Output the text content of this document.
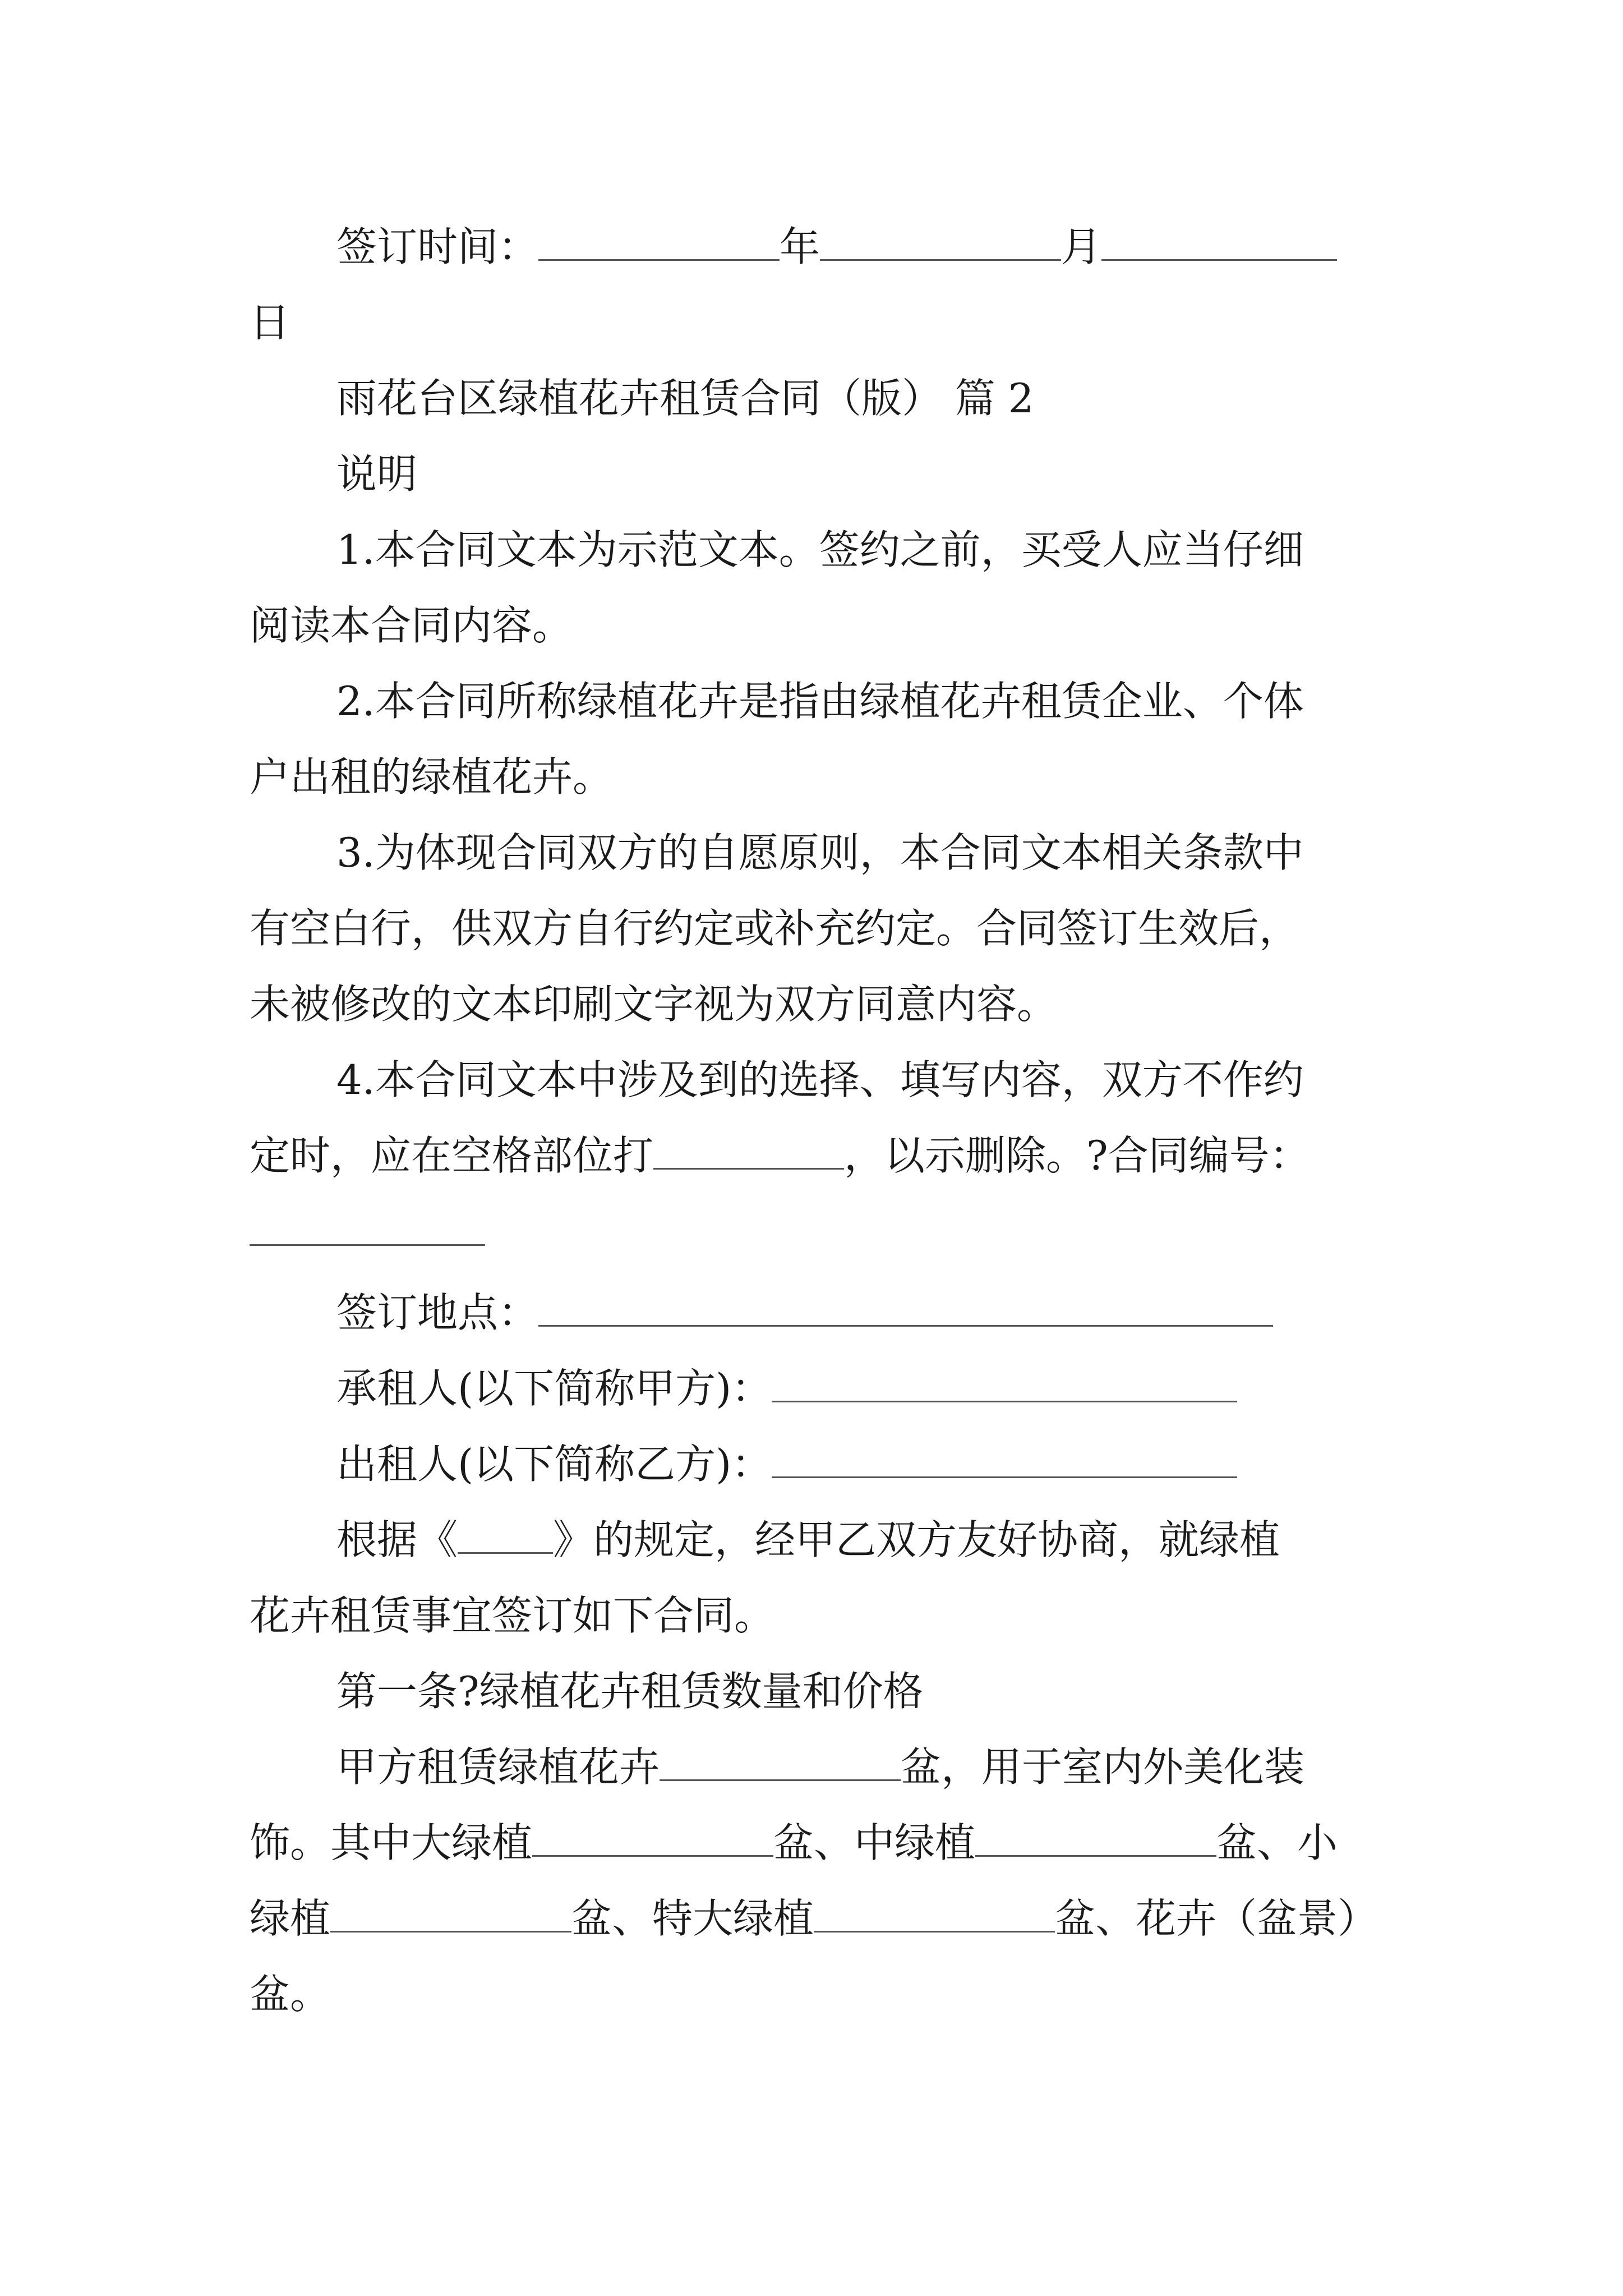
签订时间：	年	月
日
雨花台区绿植花卉租赁合同（版） 篇 2
说明
1.本合同文本为示范文本。签约之前，买受人应当仔细
阅读本合同内容。
2.本合同所称绿植花卉是指由绿植花卉租赁企业、个体
户出租的绿植花卉。
3.为体现合同双方的自愿原则，本合同文本相关条款中
有空白行，供双方自行约定或补充约定。合同签订生效后，
未被修改的文本印刷文字视为双方同意内容。
4.本合同文本中涉及到的选择、填写内容，双方不作约
定时，应在空格部位打	，以示删除。?合同编号：
签订地点：
承租人(以下简称甲方)：
出租人(以下简称乙方)：
根据《 》的规定，经甲乙双方友好协商，就绿植
花卉租赁事宜签订如下合同。
第一条?绿植花卉租赁数量和价格
甲方租赁绿植花卉	盆，用于室内外美化装
饰。其中大绿植	盆、中绿植	盆、小
绿植	盆、特大绿植	盆、花卉（盆景）
盆。
